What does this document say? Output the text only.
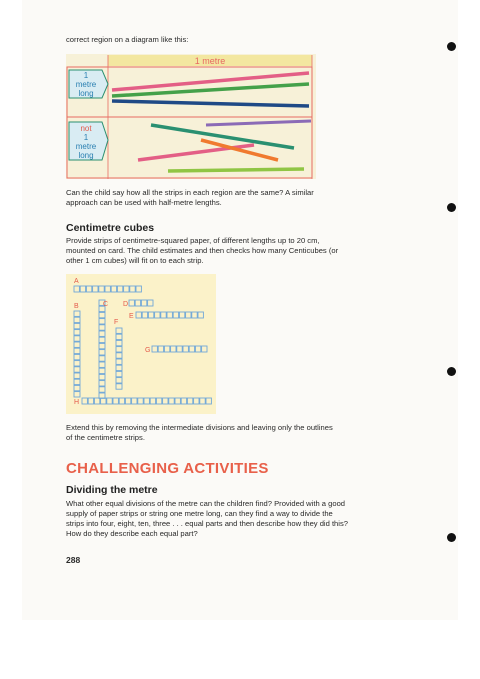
correct region on a diagram like this:
1 metre
1
metre
long
not
1
metre
long
Can the child say how all the strips in each region are the same? A similar approach can be used with half-metre lengths.
Centimetre cubes
Provide strips of centimetre-squared paper, of different lengths up to 20 cm, mounted on card. The child estimates and then checks how many Centicubes (or other 1 cm cubes) will fit on to each strip.
A
B	C D
E
F
G
H
Extend this by removing the intermediate divisions and leaving only the outlines of the centimetre strips.
CHALLENGING ACTIVITIES
Dividing the metre
What other equal divisions of the metre can the children find? Provided with a good supply of paper strips or string one metre long, can they find a way to divide the strips into four, eight, ten, three . . . equal parts and then describe how they did this? How do they describe each equal part?
288
